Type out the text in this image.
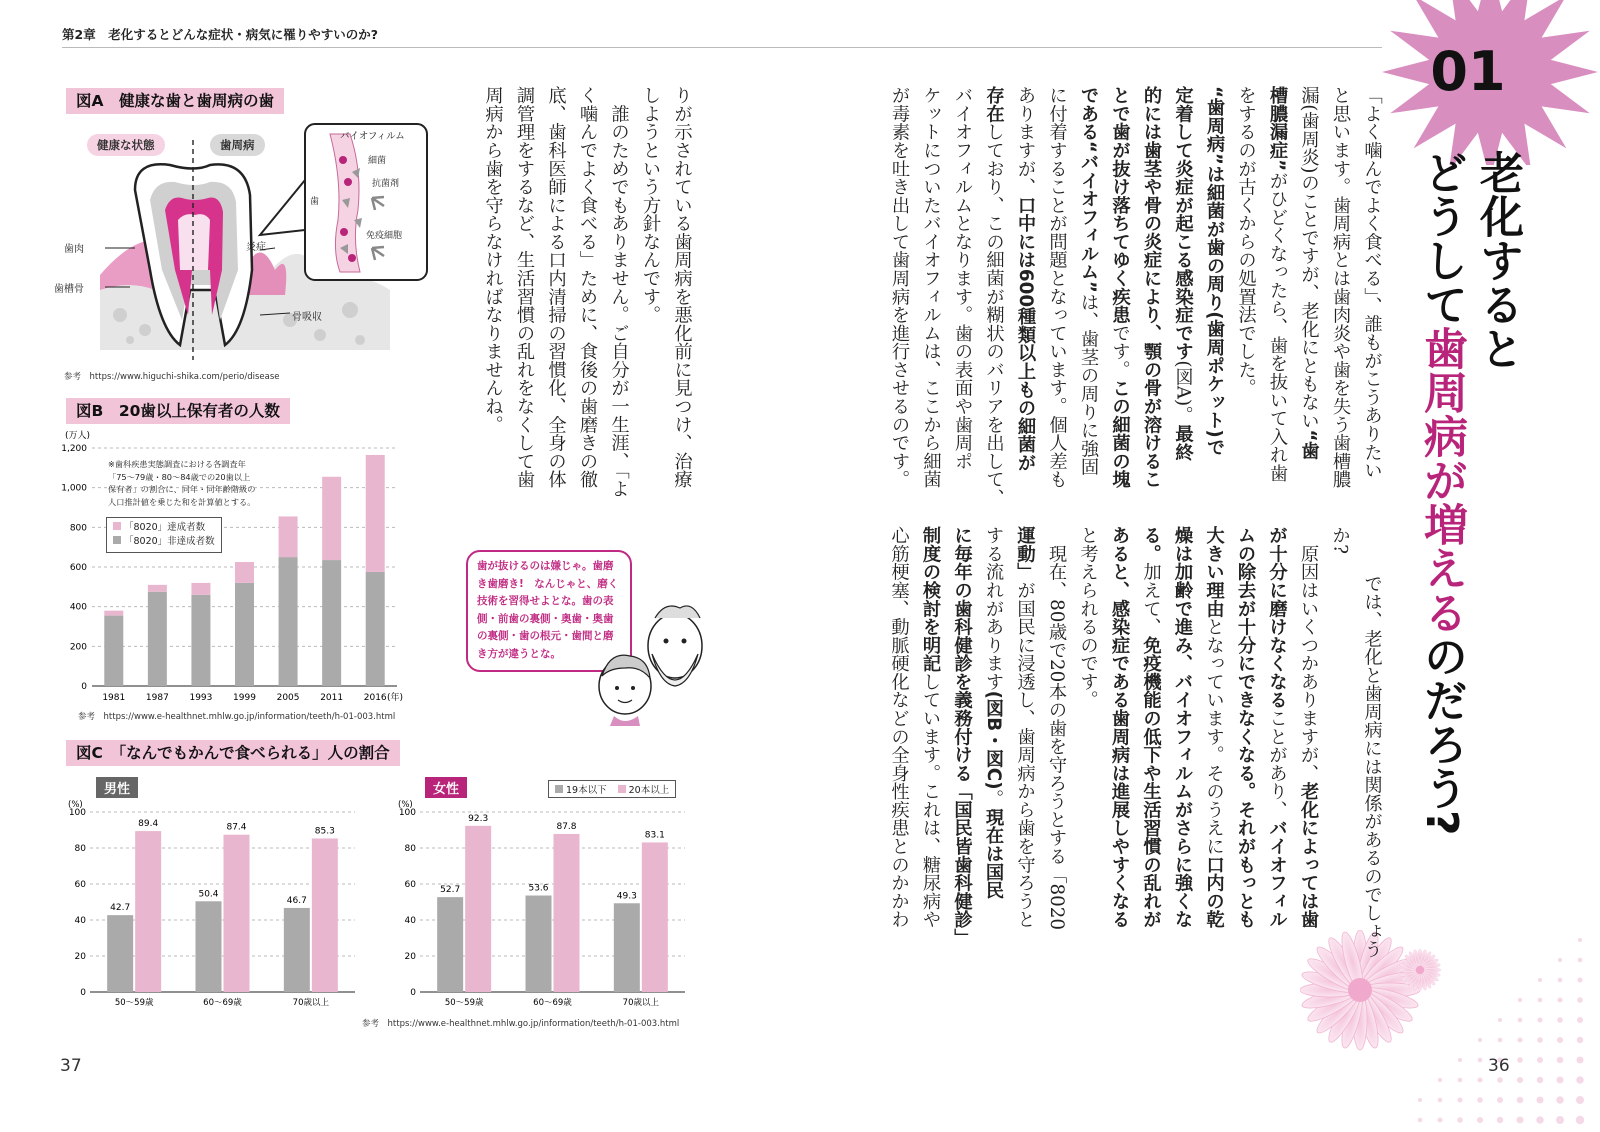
第2章　 老化するとどんな症状・病気に罹りやすいのか?
01
老化すると
どうして歯周病が増えるのだろう?
「よく噛んでよく食べる」、誰もがこうありたい
と思います。歯周病とは歯肉炎や歯を失う歯槽膿
漏(歯周炎)のことですが、老化にともない“歯
槽膿漏症”がひどくなったら、歯を抜いて入れ歯
をするのが古くからの処置法でした。
“歯周病”は細菌が歯の周り(歯周ポケット)で
定着して炎症が起こる感染症です(図A)。最終
的には歯茎や骨の炎症により、顎の骨が溶けるこ
とで歯が抜け落ちてゆく疾患です。この細菌の塊
である“バイオフィルム”は、歯茎の周りに強固
に付着することが問題となっています。個人差も
ありますが、口中には600種類以上もの細菌が
存在しており、この細菌が糊状のバリアを出して、
バイオフィルムとなります。歯の表面や歯周ポ
ケットについたバイオフィルムは、ここから細菌
が毒素を吐き出して歯周病を進行させるのです。
　では、老化と歯周病には関係があるのでしょう
か?
　原因はいくつかありますが、老化によっては歯
が十分に磨けなくなることがあり、バイオフィル
ムの除去が十分にできなくなる。それがもっとも
大きい理由となっています。そのうえに口内の乾
燥は加齢で進み、バイオフィルムがさらに強くな
る。加えて、免疫機能の低下や生活習慣の乱れが
あると、感染症である歯周病は進展しやすくなる
と考えられるのです。
　現在、80歳で20本の歯を守ろうとする「8020
運動」が国民に浸透し、歯周病から歯を守ろうと
する流れがあります(図B・図C)。現在は国民
に毎年の歯科健診を義務付ける「国民皆歯科健診」
制度の検討を明記しています。これは、糖尿病や
心筋梗塞、動脈硬化などの全身性疾患とのかかわ
りが示されている歯周病を悪化前に見つけ、治療
しようという方針なんです。
　誰のためでもありません。ご自分が一生涯、「よ
く噛んでよく食べる」ために、食後の歯磨きの徹
底、歯科医師による口内清掃の習慣化、全身の体
調管理をするなど、生活習慣の乱れをなくして歯
周病から歯を守らなければなりませんね。
図A　健康な歯と歯周病の歯
健康な状態	歯周病
歯肉
歯槽骨
炎症
骨吸収
バイオフィルム
細菌
抗菌剤
歯
免疫細胞
参考　 https://www.higuchi-shika.com/perio/disease
図B　20歯以上保有者の人数
(万人)
0
200
400
600
800
1,000
1,200
1981 1987 1993 1999 2005 2011 2016 (年)
※歯科疾患実態調査における各調査年
「75〜79歳・80〜84歳での20歯以上
保有者」の割合に、同年・同年齢階級の
人口推計値を乗じた和を計算値とする。
「8020」達成者数
「8020」非達成者数
参考　 https://www.e-healthnet.mhlw.go.jp/information/teeth/h-01-003.html
歯が抜けるのは嫌じゃ。歯磨き歯磨き!　なんじゃと、磨く技術を習得せよとな。歯の表側・前歯の裏側・奥歯・奥歯の裏側・歯の根元・歯間と磨き方が違うとな。
図C　「なんでもかんで食べられる」人の割合
男性	女性	19本以下 20本以上
(%)
0
20
40
60
80
100
42.7
89.4
50〜59歳
50.4
87.4
60〜69歳
46.7
85.3
70歳以上
(%)
0
20
40
60
80
100
52.7
92.3
50〜59歳
53.6
87.8
60〜69歳
49.3
83.1
70歳以上
参考　 https://www.e-healthnet.mhlw.go.jp/information/teeth/h-01-003.html
37	36
